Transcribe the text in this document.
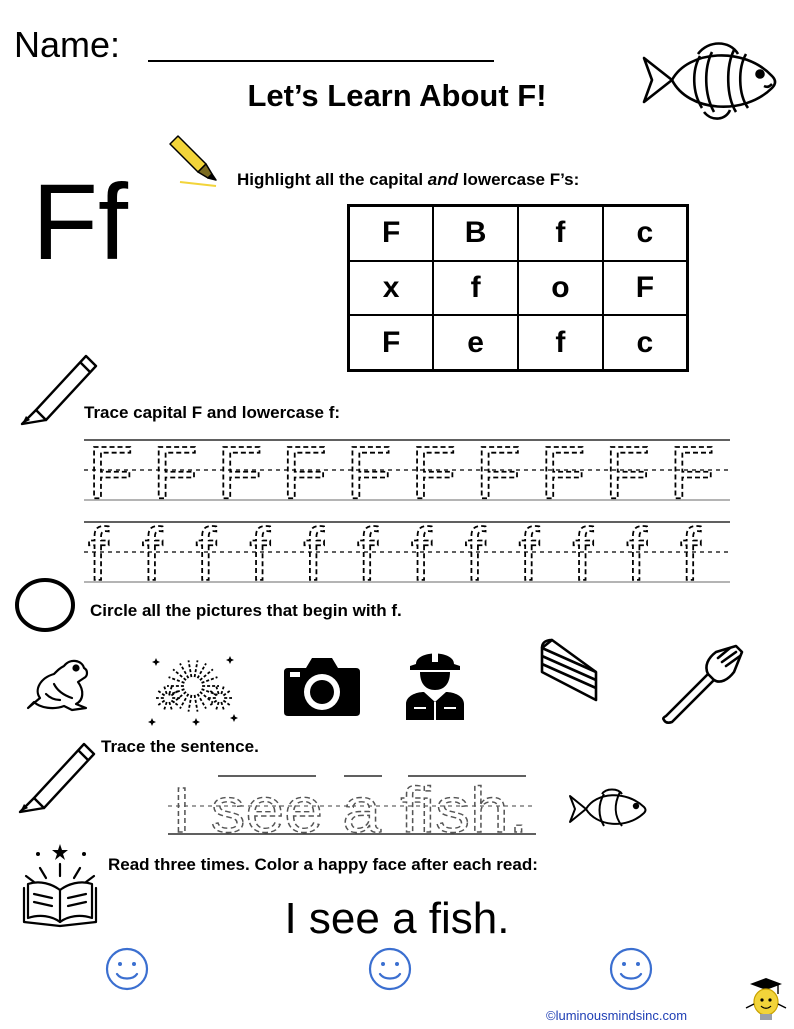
Name:
Let’s Learn About F!
Ff	Highlight all the capital and lowercase F’s:
F	B	f	c
x	f	o	F
F	e	f	c
Trace capital F and lowercase f:
F F F F F F F F F F
f f f f f f f f f f f f
Circle all the pictures that begin with f.
Trace the sentence.
I see a fish.
Read three times. Color a happy face after each read:
I see a fish.
©luminousmindsinc.com
